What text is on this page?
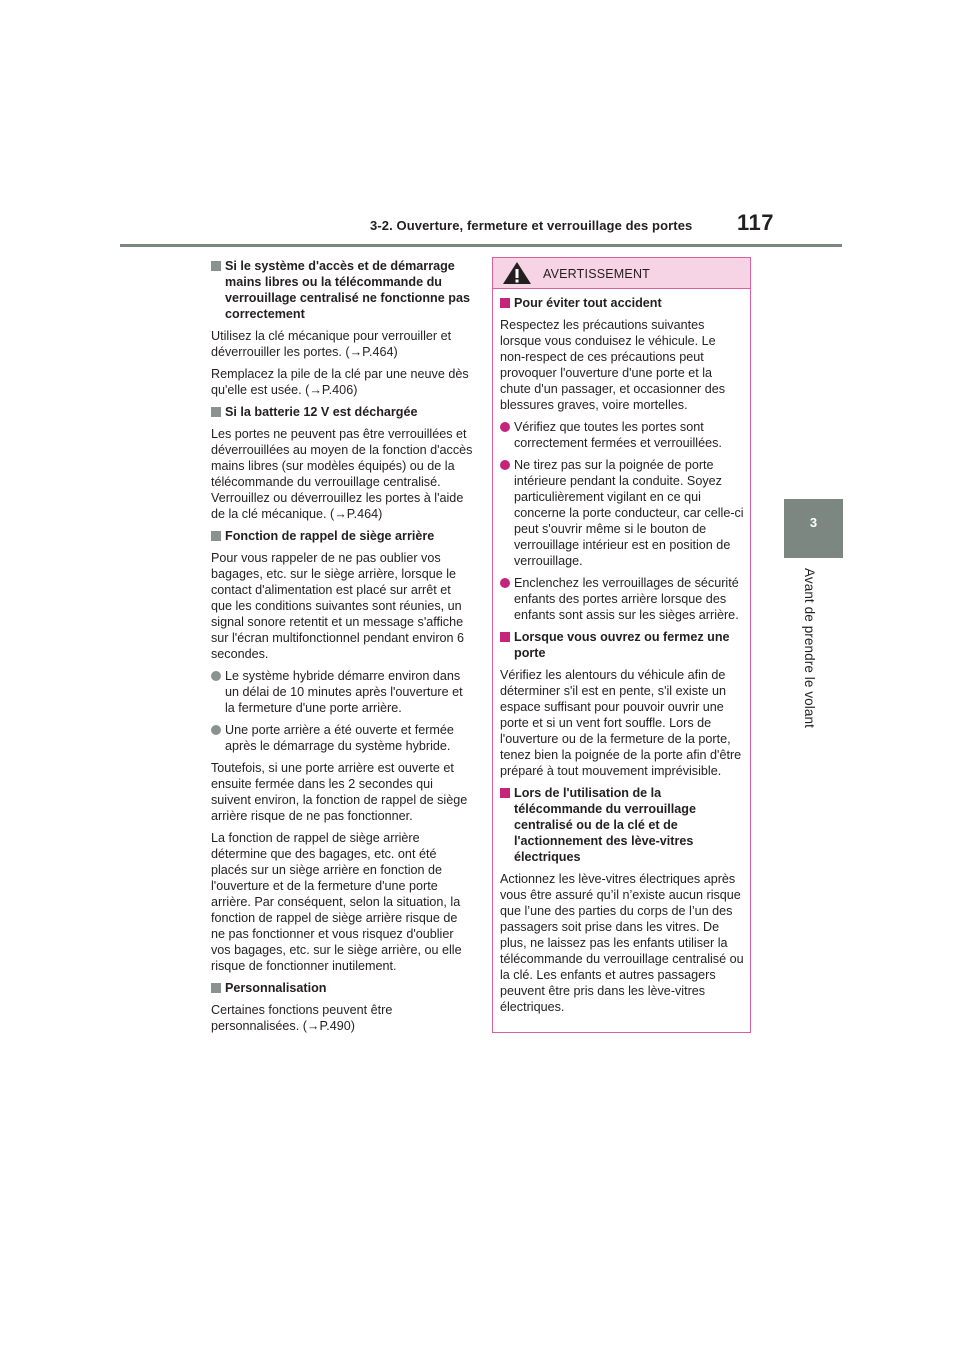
3-2. Ouverture, fermeture et verrouillage des portes 117
3
Avant de prendre le volant
Si le système d'accès et de démarrage mains libres ou la télécommande du verrouillage centralisé ne fonctionne pas correctement

Utilisez la clé mécanique pour verrouiller et déverrouiller les portes. (→P.464)

Remplacez la pile de la clé par une neuve dès qu'elle est usée. (→P.406)

Si la batterie 12 V est déchargée

Les portes ne peuvent pas être verrouillées et déverrouillées au moyen de la fonction d'accès mains libres (sur modèles équipés) ou de la télécommande du verrouillage centralisé. Verrouillez ou déverrouillez les portes à l'aide de la clé mécanique. (→P.464)

Fonction de rappel de siège arrière

Pour vous rappeler de ne pas oublier vos bagages, etc. sur le siège arrière, lorsque le contact d'alimentation est placé sur arrêt et que les conditions suivantes sont réunies, un signal sonore retentit et un message s'affiche sur l'écran multifonctionnel pendant environ 6 secondes.

Le système hybride démarre environ dans un délai de 10 minutes après l'ouverture et la fermeture d'une porte arrière.
Une porte arrière a été ouverte et fermée après le démarrage du système hybride.

Toutefois, si une porte arrière est ouverte et ensuite fermée dans les 2 secondes qui suivent environ, la fonction de rappel de siège arrière risque de ne pas fonctionner.

La fonction de rappel de siège arrière détermine que des bagages, etc. ont été placés sur un siège arrière en fonction de l'ouverture et de la fermeture d'une porte arrière. Par conséquent, selon la situation, la fonction de rappel de siège arrière risque de ne pas fonctionner et vous risquez d'oublier vos bagages, etc. sur le siège arrière, ou elle risque de fonctionner inutilement.

Personnalisation

Certaines fonctions peuvent être personnalisées. (→P.490)

AVERTISSEMENT
Pour éviter tout accident

Respectez les précautions suivantes lorsque vous conduisez le véhicule. Le non-respect de ces précautions peut provoquer l'ouverture d'une porte et la chute d'un passager, et occasionner des blessures graves, voire mortelles.

Vérifiez que toutes les portes sont correctement fermées et verrouillées.
Ne tirez pas sur la poignée de porte intérieure pendant la conduite. Soyez particulièrement vigilant en ce qui concerne la porte conducteur, car celle-ci peut s'ouvrir même si le bouton de verrouillage intérieur est en position de verrouillage.
Enclenchez les verrouillages de sécurité enfants des portes arrière lorsque des enfants sont assis sur les sièges arrière.
Lorsque vous ouvrez ou fermez une porte

Vérifiez les alentours du véhicule afin de déterminer s'il est en pente, s'il existe un espace suffisant pour pouvoir ouvrir une porte et si un vent fort souffle. Lors de l'ouverture ou de la fermeture de la porte, tenez bien la poignée de la porte afin d'être préparé à tout mouvement imprévisible.

Lors de l'utilisation de la télécommande du verrouillage centralisé ou de la clé et de l'actionnement des lève-vitres électriques

Actionnez les lève-vitres électriques après vous être assuré qu’il n’existe aucun risque que l’une des parties du corps de l’un des passagers soit prise dans les vitres. De plus, ne laissez pas les enfants utiliser la télécommande du verrouillage centralisé ou la clé. Les enfants et autres passagers peuvent être pris dans les lève-vitres électriques.
